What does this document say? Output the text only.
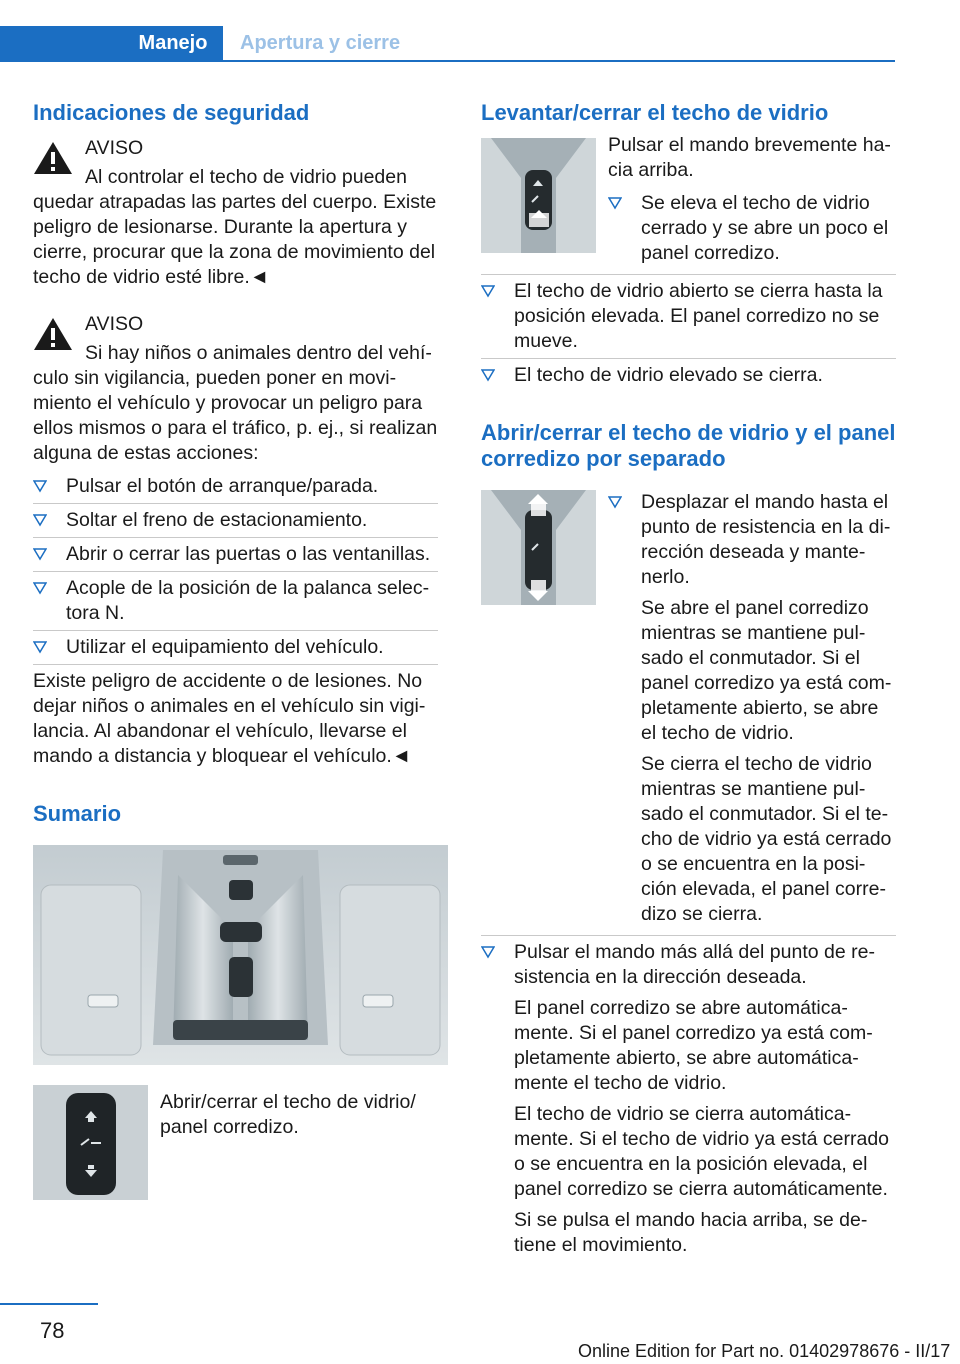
Manejo	Apertura y cierre
Indicaciones de seguridad

AVISO

Al controlar el techo de vidrio pueden

quedar atrapadas las partes del cuerpo. Existe peligro de lesionarse. Durante la apertura y cierre, procurar que la zona de movimiento del techo de vidrio esté libre.◄

AVISO

Si hay niños o animales dentro del vehí‐

culo sin vigilancia, pueden poner en movi‐miento el vehículo y provocar un peligro para ellos mismos o para el tráfico, p. ej., si realizan alguna de estas acciones:

Pulsar el botón de arranque/parada.
Soltar el freno de estacionamiento.
Abrir o cerrar las puertas o las ventanillas.
Acople de la posición de la palanca selec‐tora N.
Utilizar el equipamiento del vehículo.

Existe peligro de accidente o de lesiones. No dejar niños o animales en el vehículo sin vigi‐lancia. Al abandonar el vehículo, llevarse el mando a distancia y bloquear el vehículo.◄

Sumario

Abrir/cerrar el techo de vidrio/ panel corredizo.

Levantar/cerrar el techo de vidrio

Pulsar el mando brevemente ha‐cia arriba.

Se eleva el techo de vidrio cerrado y se abre un poco el panel corredizo.
El techo de vidrio abierto se cierra hasta la posición elevada. El panel corredizo no se mueve.
El techo de vidrio elevado se cierra.
Abrir/cerrar el techo de vidrio y el panel corredizo por separado

Desplazar el mando hasta el punto de resistencia en la di‐rección deseada y mante‐nerlo.

Se abre el panel corredizo mientras se mantiene pul‐sado el conmutador. Si el panel corredizo ya está com‐pletamente abierto, se abre el techo de vidrio.

Se cierra el techo de vidrio mientras se mantiene pul‐sado el conmutador. Si el te‐cho de vidrio ya está cerrado o se encuentra en la posi‐ción elevada, el panel corre‐dizo se cierra.

Pulsar el mando más allá del punto de re‐sistencia en la dirección deseada.

El panel corredizo se abre automática‐mente. Si el panel corredizo ya está com‐pletamente abierto, se abre automática‐mente el techo de vidrio.

El techo de vidrio se cierra automática‐mente. Si el techo de vidrio ya está cerrado o se encuentra en la posición elevada, el panel corredizo se cierra automáticamente.

Si se pulsa el mando hacia arriba, se de‐tiene el movimiento.

78
Online Edition for Part no. 01402978676 - II/17
